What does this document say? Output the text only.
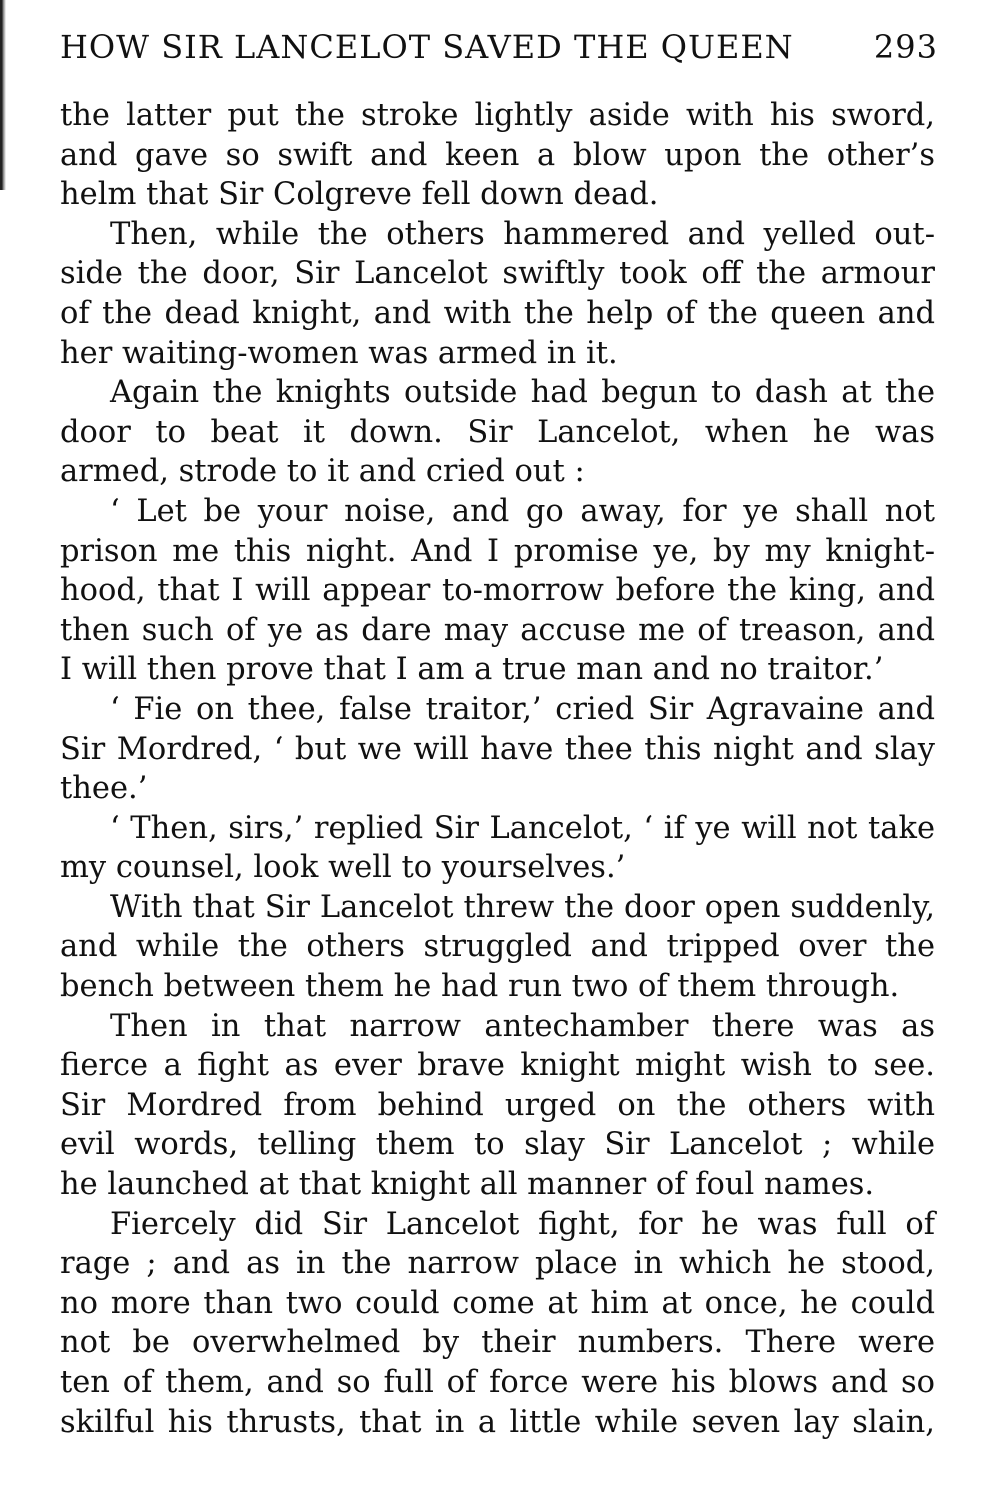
HOW SIR LANCELOT SAVED THE QUEEN	293
the latter put the stroke lightly aside with his sword,
and gave so swift and keen a blow upon the other’s
helm that Sir Colgreve fell down dead.
Then, while the others hammered and yelled out-
side the door, Sir Lancelot swiftly took off the armour
of the dead knight, and with the help of the queen and
her waiting-women was armed in it.
Again the knights outside had begun to dash at the
door to beat it down. Sir Lancelot, when he was
armed, strode to it and cried out :
‘ Let be your noise, and go away, for ye shall not
prison me this night. And I promise ye, by my knight-
hood, that I will appear to-morrow before the king, and
then such of ye as dare may accuse me of treason, and
I will then prove that I am a true man and no traitor.’
‘ Fie on thee, false traitor,’ cried Sir Agravaine and
Sir Mordred, ‘ but we will have thee this night and slay
thee.’
‘ Then, sirs,’ replied Sir Lancelot, ‘ if ye will not take
my counsel, look well to yourselves.’
With that Sir Lancelot threw the door open suddenly,
and while the others struggled and tripped over the
bench between them he had run two of them through.
Then in that narrow antechamber there was as
fierce a fight as ever brave knight might wish to see.
Sir Mordred from behind urged on the others with
evil words, telling them to slay Sir Lancelot ; while
he launched at that knight all manner of foul names.
Fiercely did Sir Lancelot fight, for he was full of
rage ; and as in the narrow place in which he stood,
no more than two could come at him at once, he could
not be overwhelmed by their numbers. There were
ten of them, and so full of force were his blows and so
skilful his thrusts, that in a little while seven lay slain,
